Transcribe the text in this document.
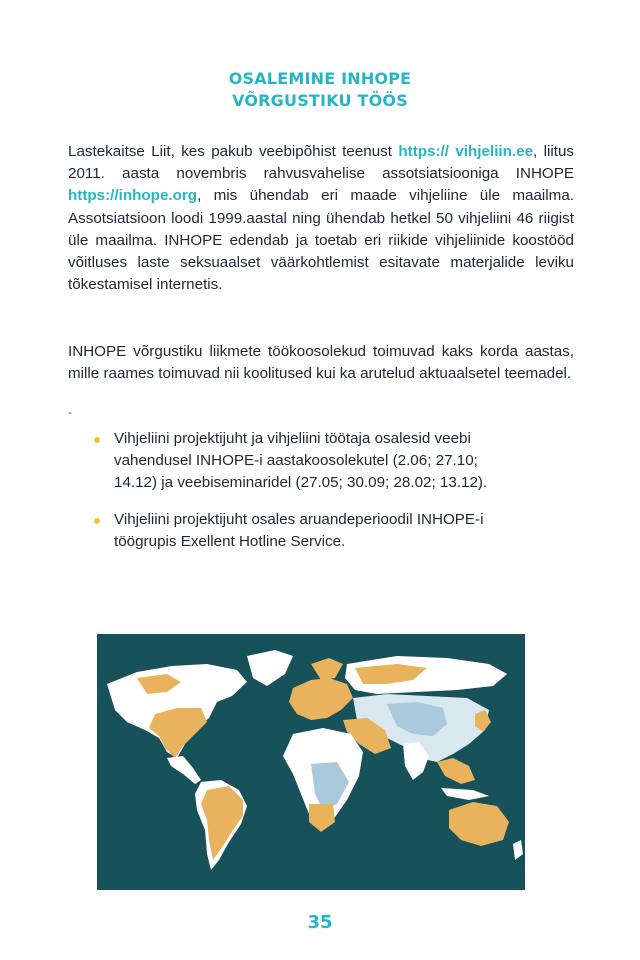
OSALEMINE INHOPE
VÕRGUSTIKU TÖÖS

Lastekaitse Liit, kes pakub veebipõhist teenust https:// vihjeliin.ee, liitus 2011. aasta novembris rahvusvahelise assotsiatsiooniga INHOPE https://inhope.org, mis ühendab eri maade vihjeliine üle maailma. Assotsiatsioon loodi 1999.aastal ning ühendab hetkel 50 vihjeliini 46 riigist üle maailma. INHOPE edendab ja toetab eri riikide vihjeliinide koostööd võitluses laste seksuaalset väärkohtlemist esitavate materjalide leviku tõkestamisel internetis.

INHOPE võrgustiku liikmete töökoosolekud toimuvad kaks korda aastas, mille raames toimuvad nii koolitused kui ka arutelud aktuaalsetel teemadel.

-
Vihjeliini projektijuht ja vihjeliini töötaja osalesid veebi vahendusel INHOPE-i aastakoosolekutel (2.06; 27.10; 14.12) ja veebiseminaridel (27.05; 30.09; 28.02; 13.12).
Vihjeliini projektijuht osales aruandeperioodil INHOPE-i töögrupis Exellent Hotline Service.
35
